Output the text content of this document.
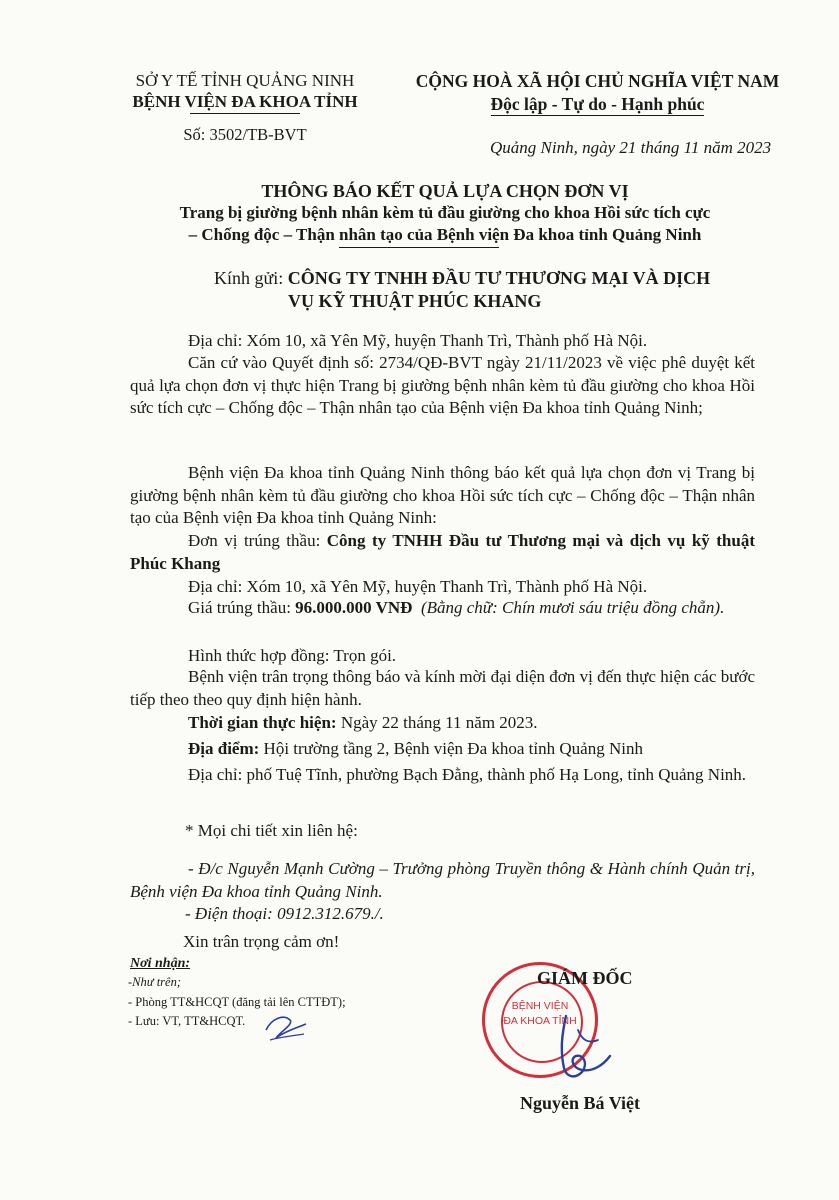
SỞ Y TẾ TỈNH QUẢNG NINH
BỆNH VIỆN ĐA KHOA TỈNH
Số: 3502/TB-BVT
CỘNG HOÀ XÃ HỘI CHỦ NGHĨA VIỆT NAM
Độc lập - Tự do - Hạnh phúc
Quảng Ninh, ngày 21 tháng 11 năm 2023
THÔNG BÁO KẾT QUẢ LỰA CHỌN ĐƠN VỊ
Trang bị giường bệnh nhân kèm tủ đầu giường cho khoa Hồi sức tích cực
– Chống độc – Thận nhân tạo của Bệnh viện Đa khoa tỉnh Quảng Ninh
Kính gửi: CÔNG TY TNHH ĐẦU TƯ THƯƠNG MẠI VÀ DỊCH
VỤ KỸ THUẬT PHÚC KHANG
Địa chỉ: Xóm 10, xã Yên Mỹ, huyện Thanh Trì, Thành phố Hà Nội.
Căn cứ vào Quyết định số: 2734/QĐ-BVT ngày 21/11/2023 về việc phê duyệt kết quả lựa chọn đơn vị thực hiện Trang bị giường bệnh nhân kèm tủ đầu giường cho khoa Hồi sức tích cực – Chống độc – Thận nhân tạo của Bệnh viện Đa khoa tỉnh Quảng Ninh;
Bệnh viện Đa khoa tỉnh Quảng Ninh thông báo kết quả lựa chọn đơn vị Trang bị giường bệnh nhân kèm tủ đầu giường cho khoa Hồi sức tích cực – Chống độc – Thận nhân tạo của Bệnh viện Đa khoa tỉnh Quảng Ninh:
Đơn vị trúng thầu: Công ty TNHH Đầu tư Thương mại và dịch vụ kỹ thuật Phúc Khang
Địa chỉ: Xóm 10, xã Yên Mỹ, huyện Thanh Trì, Thành phố Hà Nội.
Giá trúng thầu: 96.000.000 VNĐ (Bằng chữ: Chín mươi sáu triệu đồng chẵn).
Hình thức hợp đồng: Trọn gói.
Bệnh viện trân trọng thông báo và kính mời đại diện đơn vị đến thực hiện các bước tiếp theo theo quy định hiện hành.
Thời gian thực hiện: Ngày 22 tháng 11 năm 2023.
Địa điểm: Hội trường tầng 2, Bệnh viện Đa khoa tỉnh Quảng Ninh
Địa chỉ: phố Tuệ Tĩnh, phường Bạch Đằng, thành phố Hạ Long, tỉnh Quảng Ninh.
* Mọi chi tiết xin liên hệ:
- Đ/c Nguyễn Mạnh Cường – Trưởng phòng Truyền thông & Hành chính Quản trị, Bệnh viện Đa khoa tỉnh Quảng Ninh.
- Điện thoại: 0912.312.679./.
Xin trân trọng cảm ơn!
Nơi nhận:
-Như trên;
- Phòng TT&HCQT (đăng tải lên CTTĐT);
- Lưu: VT, TT&HCQT.
BỆNH VIỆN
ĐA KHOA TỈNH
GIÁM ĐỐC
Nguyễn Bá Việt
